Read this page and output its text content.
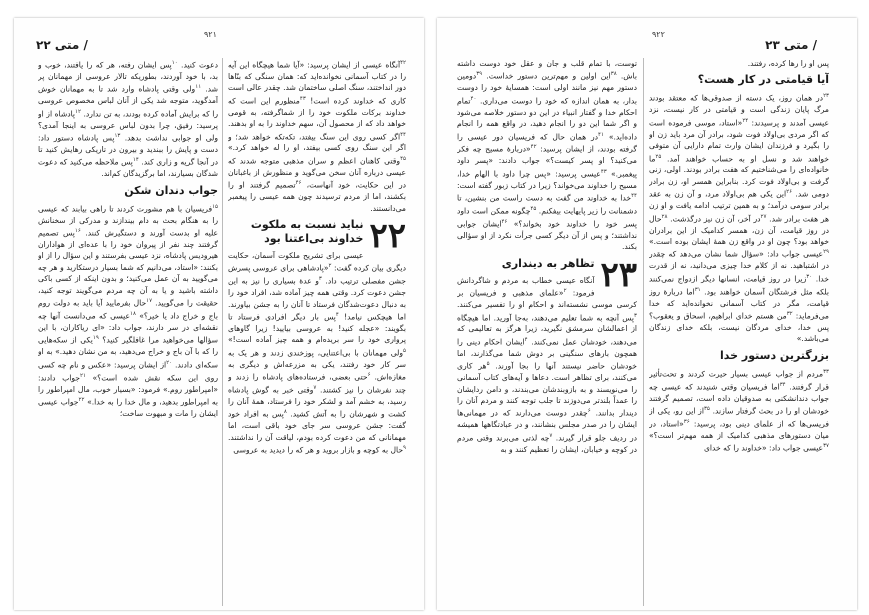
متی ۲۲ /
۹۲۱

دعوت کنید. $^{۱۰}$پس ایشان رفته، هر که را یافتند، خوب و بد، با خود آوردند، بطوریکه تالار عروسی از مهمانان پر شد. $^{۱۱}$ولی وقتی پادشاه وارد شد تا به مهمانان خوش آمدگوید، متوجه شد یکی از آنان لباس مخصوص عروسی را که برایش آماده کرده بودند، به تن ندارد. $^{۱۲}$پادشاه از او پرسید: رفیق، چرا بدون لباس عروسی به اینجا آمدی؟ ولی او جوابی نداشت بدهد. $^{۱۳}$پس پادشاه دستور داد: دست و پایش را ببندید و بیرون در تاریکی رهایش کنید تا در آنجا گریه و زاری کند. $^{۱۴}$پس ملاحظه می‌کنید که دعوت شدگان بسیارند، اما برگزیدگان کم‌اند.

جواب دندان شکن

$^{۱۵}$فریسیان با هم مشورت کردند تا راهی بیابند که عیسی را به هنگام بحث به دام بیندازند و مدرکی از سخنانش علیه او بدست آورند و دستگیرش کنند. $^{۱۶}$پس تصمیم گرفتند چند نفر از پیروان خود را با عده‌ای از هواداران هیرودیس پادشاه، نزد عیسی بفرستند و این سؤال را از او بکنند: «استاد، می‌دانیم که شما بسیار درستکارید و هر چه می‌گویید به آن عمل می‌کنید؛ و بدون اینکه از کسی باکی داشته باشید و یا به آن چه مردم می‌گویند توجه کنید، حقیقت را می‌گویید. $^{۱۷}$حال بفرمایید آیا باید به دولت روم باج و خراج داد یا خیر؟» $^{۱۸}$عیسی که می‌دانست آنها چه نقشه‌ای در سر دارند، جواب داد: «ای ریاکاران، با این سؤالها می‌خواهید مرا غافلگیر کنید؟ $^{۱۹}$یکی از سکه‌هایی را که با آن باج و خراج می‌دهید، به من نشان دهید.» به او سکه‌ای دادند. $^{۲۰}$از ایشان پرسید: «عکس و نام چه کسی روی این سکه نقش شده است؟» $^{۲۱}$جواب دادند: «امپراطور روم.» فرمود: «بسیار خوب، مال امپراطور را به امپراطور بدهید، و مال خدا را به خدا.» $^{۲۲}$جواب عیسی ایشان را مات و مبهوت ساخت؛

$^{۴۲}$آنگاه عیسی از ایشان پرسید: «آیا شما هیچگاه این آیه را در کتاب آسمانی نخوانده‌اید که: همان سنگی که بنّاها دور انداختند، سنگ اصلی ساختمان شد. چقدر عالی است کاری که خداوند کرده است! $^{۴۳}$منظورم این است که خداوند برکات ملکوت خود را از شماگرفته، به قومی خواهد داد که از محصول آن، سهم خداوند را به او بدهند. $^{۴۴}$اگر کسی روی این سنگ بیفتد، تکه‌تکه خواهد شد؛ و اگر این سنگ روی کسی بیفتد، او را له خواهد کرد.» $^{۴۵}$وقتی کاهنان اعظم و سران مذهبی متوجه شدند که عیسی درباره آنان سخن می‌گوید و منظورش از باغبانان در این حکایت، خود آنهاست، $^{۴۶}$تصمیم گرفتند او را بکشند، اما از مردم ترسیدند چون همه عیسی را پیغمبر می‌دانستند.

۲۲
نباید نسبت به ملکوت خداوند بی‌اعتنا بود

عیسی برای تشریح ملکوت آسمان، حکایت دیگری بیان کرده گفت: $^۲$«پادشاهی برای عروسی پسرش جشن مفصلی ترتیب داد. $^۳$و عدهٔ بسیاری را نیز به این جشن دعوت کرد. وقتی همه چیز آماده شد، افراد خود را به دنبال دعوت‌شدگان فرستاد تا آنان را به جشن بیاورند. اما هیچکس نیامد! $^۴$پس بار دیگر افرادی فرستاد تا بگویند: «عجله کنید! به عروسی بیایید! زیرا گاوهای پرواری خود را سر بریده‌ام و همه چیز آماده است!» $^۵$ولی مهمانان با بی‌اعتنایی، پوزخندی زدند و هر یک به سر کار خود رفتند، یکی به مزرعه‌اش و دیگری به مغازه‌اش. $^۶$حتی بعضی، فرستاده‌های پادشاه را زدند و چند نفرشان را نیز کشتند. $^۷$وقتی خبر به گوش پادشاه رسید، به خشم آمد و لشکر خود را فرستاد، همهٔ آنان را کشت و شهرشان را به آتش کشید. $^۸$پس به افراد خود گفت: جشن عروسی سر جای خود باقی است، اما مهمانانی که من دعوت کرده بودم، لیاقت آن را نداشتند. $^۹$حال به کوچه و بازار بروید و هر که را دیدید به عروسی

متی ۲۳ /
۹۲۲

پس او را رها کرده، رفتند.

آیا قیامتی در کار هست؟

$^{۲۳}$در همان روز، یک دسته از صدوقی‌ها که معتقد بودند مرگ پایان زندگی است و قیامتی در کار نیست، نزد عیسی آمدند و پرسیدند: $^{۲۴}$«استاد، موسی فرموده است که اگر مردی بی‌اولاد فوت شود، برادر آن مرد باید زن او را بگیرد و فرزندان ایشان وارث تمام دارایی آن متوفی خواهند شد و نسل او به حساب خواهند آمد. $^{۲۵}$ما خانواده‌ای را می‌شناختیم که هفت برادر بودند. اولی، زنی گرفت و بی‌اولاد فوت کرد. بنابراین همسر او، زن برادر دومی شد. $^{۲۶}$این یکی هم بی‌اولاد مرد، و آن زن به عقد برادر سومی درآمد؛ و به همین ترتیب ادامه یافت و او زن هر هفت برادر شد. $^{۲۷}$در آخر، آن زن نیز درگذشت. $^{۲۸}$حال در روز قیامت، آن زن، همسر کدامیک از این برادران خواهد بود؟ چون او در واقع زن همهٔ ایشان بوده است.» $^{۲۹}$عیسی جواب داد: «سؤال شما نشان می‌دهد که چقدر در اشتباهید. نه از کلام خدا چیزی می‌دانید، نه از قدرت خدا. $^{۳۰}$زیرا در روز قیامت، انسانها دیگر ازدواج نمی‌کنند بلکه مثل فرشتگان آسمان خواهند بود. $^{۳۱}$اما دربارهٔ روز قیامت، مگر در کتاب آسمانی نخوانده‌اید که خدا می‌فرماید: $^{۳۲}$من هستم خدای ابراهیم، اسحاق و یعقوب؟ پس خدا، خدای مردگان نیست، بلکه خدای زندگان می‌باشد.»

بزرگترین دستور خدا

$^{۳۳}$مردم از جواب عیسی بسیار حیرت کردند و تحت‌تأثیر قرار گرفتند. $^{۳۴}$اما فریسیان وقتی شنیدند که عیسی چه جواب دندانشکنی به صدوقیان داده است، تصمیم گرفتند خودشان او را در بحث گرفتار سازند. $^{۳۵}$از این رو، یکی از فریسی‌ها که از علمای دینی بود، پرسید: $^{۳۶}$«استاد، در میان دستورهای مذهبی کدامیک از همه مهم‌تر است؟» $^{۳۷}$عیسی جواب داد: «خداوند را که خدای

توست، با تمام قلب و جان و عقل خود دوست داشته باش. $^{۳۸}$این اولین و مهم‌ترین دستور خداست. $^{۳۹}$دومین دستور مهم نیز مانند اولی است: همسایهٔ خود را دوست بدار، به همان اندازه که خود را دوست می‌داری. $^{۴۰}$تمام احکام خدا و گفتار انبیاء در این دو دستور خلاصه می‌شود و اگر شما این دو را انجام دهید، در واقع همه را انجام داده‌اید.» $^{۴۱}$در همان حال که فریسیان دور عیسی را گرفته بودند، از ایشان پرسید: $^{۴۲}$«دربارهٔ مسیح چه فکر می‌کنید؟ او پسر کیست؟» جواب دادند: «پسر داود پیغمبر.» $^{۴۳}$عیسی پرسید: «پس چرا داود با الهام خدا، مسیح را خداوند می‌خواند؟ زیرا در کتاب زبور گفته است: $^{۴۴}$خدا به خداوند من گفت به دست راست من بنشین، تا دشمنانت را زیر پایهایت بیفکنم. $^{۴۵}$چگونه ممکن است داود پسر خود را خداوند خود بخواند؟» $^{۴۶}$ایشان جوابی نداشتند؛ و پس از آن دیگر کسی جرأت نکرد از او سؤالی بکند.

۲۳
تظاهر به دینداری

آنگاه عیسی خطاب به مردم و شاگردانش فرمود: $^۲$«علمای مذهبی و فریسیان بر کرسی موسی نشسته‌اند و احکام او را تفسیر می‌کنند. $^۳$پس آنچه به شما تعلیم می‌دهند، به‌جا آورید. اما هیچگاه از اعمالشان سرمشق نگیرید، زیرا هرگز به تعالیمی که می‌دهند، خودشان عمل نمی‌کنند. $^۴$ایشان احکام دینی را همچون بارهای سنگینی بر دوش شما می‌گذارند، اما خودشان حاضر نیستند آنها را بجا آورند. $^۵$هر کاری می‌کنند، برای تظاهر است. دعاها و آیه‌های کتاب آسمانی را می‌نویسند و به بازوبندشان می‌بندند، و دامن ردایشان را عمداً بلندتر می‌دوزند تا جلب توجه کنند و مردم آنان را دیندار بدانند. $^۶$چقدر دوست می‌دارند که در مهمانی‌ها ایشان را در صدر مجلس بنشانند، و در عبادتگاهها همیشه در ردیف جلو قرار گیرند. $^۷$چه لذتی می‌برند وقتی مردم در کوچه و خیابان، ایشان را تعظیم کنند و به
